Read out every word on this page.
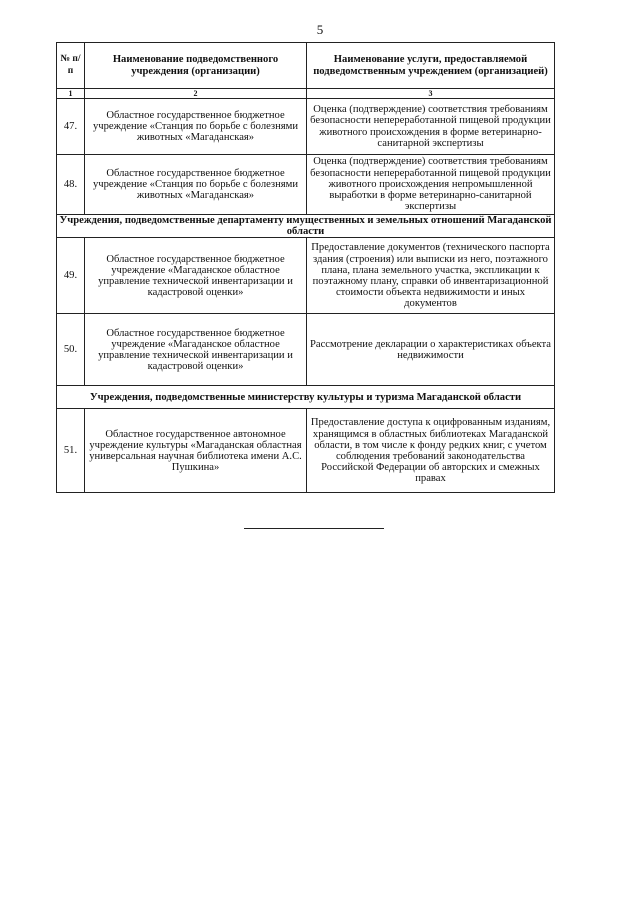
5
№ п/п	Наименование подведомственного учреждения (организации)	Наименование услуги, предоставляемой подведомственным учреждением (организацией)
1	2	3
47.	Областное государственное бюджетное учреждение «Станция по борьбе с болезнями животных «Магаданская»	Оценка (подтверждение) соответствия требованиям безопасности непереработанной пищевой продукции животного происхождения в форме ветеринарно-санитарной экспертизы
48.	Областное государственное бюджетное учреждение «Станция по борьбе с болезнями животных «Магаданская»	Оценка (подтверждение) соответствия требованиям безопасности непереработанной пищевой продукции животного происхождения непромышленной выработки в форме ветеринарно-санитарной экспертизы
Учреждения, подведомственные департаменту имущественных и земельных отношений Магаданской области		
49.	Областное государственное бюджетное учреждение «Магаданское областное управление технической инвентаризации и кадастровой оценки»	Предоставление документов (технического паспорта здания (строения) или выписки из него, поэтажного плана, плана земельного участка, экспликации к поэтажному плану, справки об инвентаризационной стоимости объекта недвижимости и иных документов
50.	Областное государственное бюджетное учреждение «Магаданское областное управление технической инвентаризации и кадастровой оценки»	Рассмотрение декларации о характеристиках объекта недвижимости
Учреждения, подведомственные министерству культуры и туризма Магаданской области		
51.	Областное государственное автономное учреждение культуры «Магаданская областная универсальная научная библиотека имени А.С. Пушкина»	Предоставление доступа к оцифрованным изданиям, хранящимся в областных библиотеках Магаданской области, в том числе к фонду редких книг, с учетом соблюдения требований законодательства Российской Федерации об авторских и смежных правах
